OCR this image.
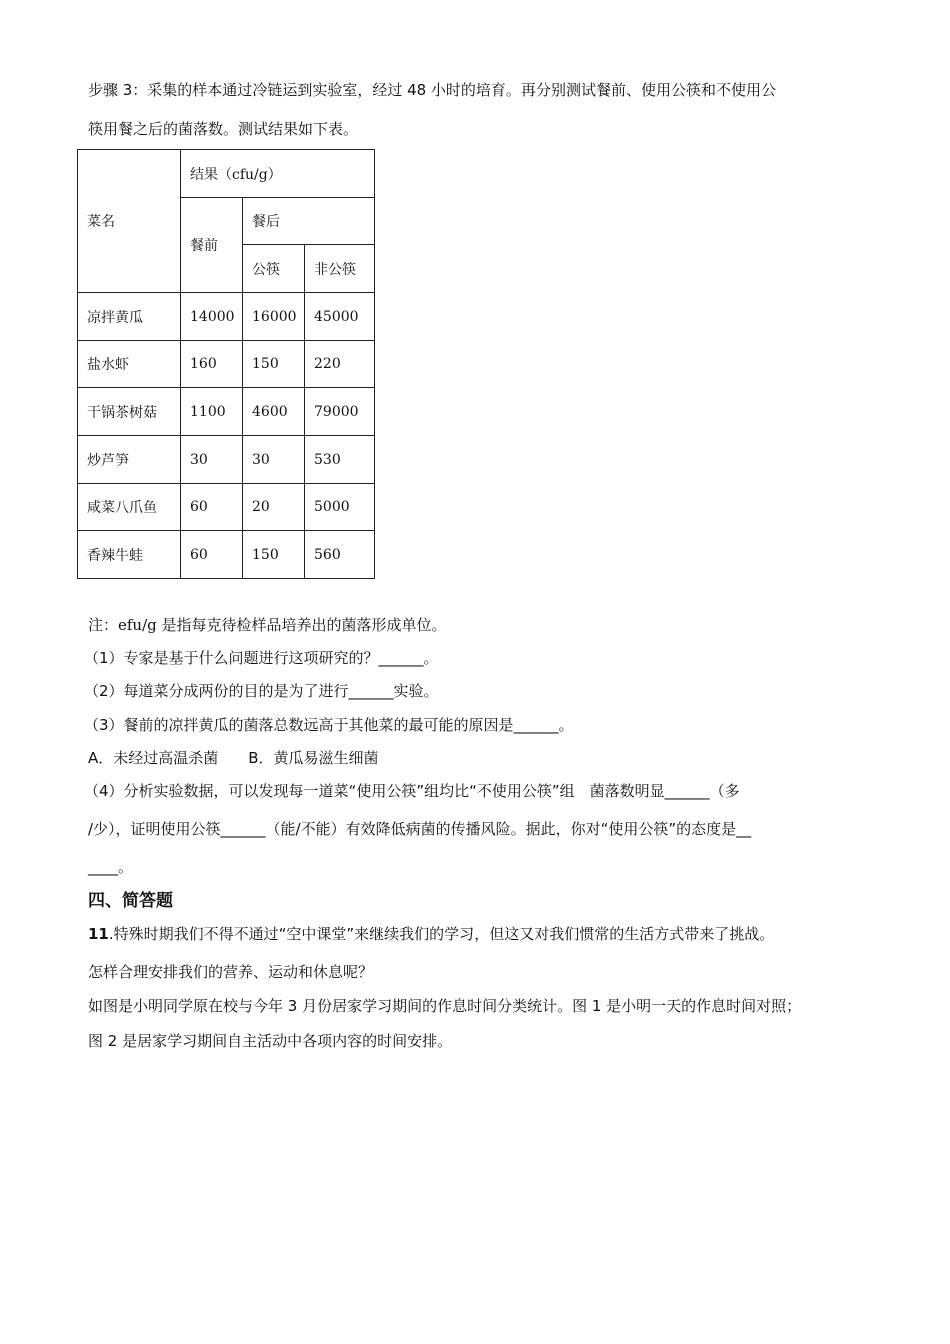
步骤 3：采集的样本通过冷链运到实验室，经过 48 小时的培育。再分别测试餐前、使用公筷和不使用公
筷用餐之后的菌落数。测试结果如下表。
菜名	结果（cfu/g）		
	餐前	餐后	
		公筷	非公筷
凉拌黄瓜	14000	16000	45000
盐水虾	160	150	220
干锅茶树菇	1100	4600	79000
炒芦笋	30	30	530
咸菜八爪鱼	60	20	5000
香辣牛蛙	60	150	560
注：efu/g 是指每克待检样品培养出的菌落形成单位。
（1）专家是基于什么问题进行这项研究的？______。
（2）每道菜分成两份的目的是为了进行______实验。
（3）餐前的凉拌黄瓜的菌落总数远高于其他菜的最可能的原因是______。
A．未经过高温杀菌　　B．黄瓜易滋生细菌
（4）分析实验数据，可以发现每一道菜“使用公筷”组均比“不使用公筷”组　菌落数明显______（多
/少），证明使用公筷______（能/不能）有效降低病菌的传播风险。据此，你对“使用公筷”的态度是__
____。
四、简答题
11.特殊时期我们不得不通过“空中课堂”来继续我们的学习，但这又对我们惯常的生活方式带来了挑战。
怎样合理安排我们的营养、运动和休息呢？
如图是小明同学原在校与今年 3 月份居家学习期间的作息时间分类统计。图 1 是小明一天的作息时间对照；
图 2 是居家学习期间自主活动中各项内容的时间安排。
